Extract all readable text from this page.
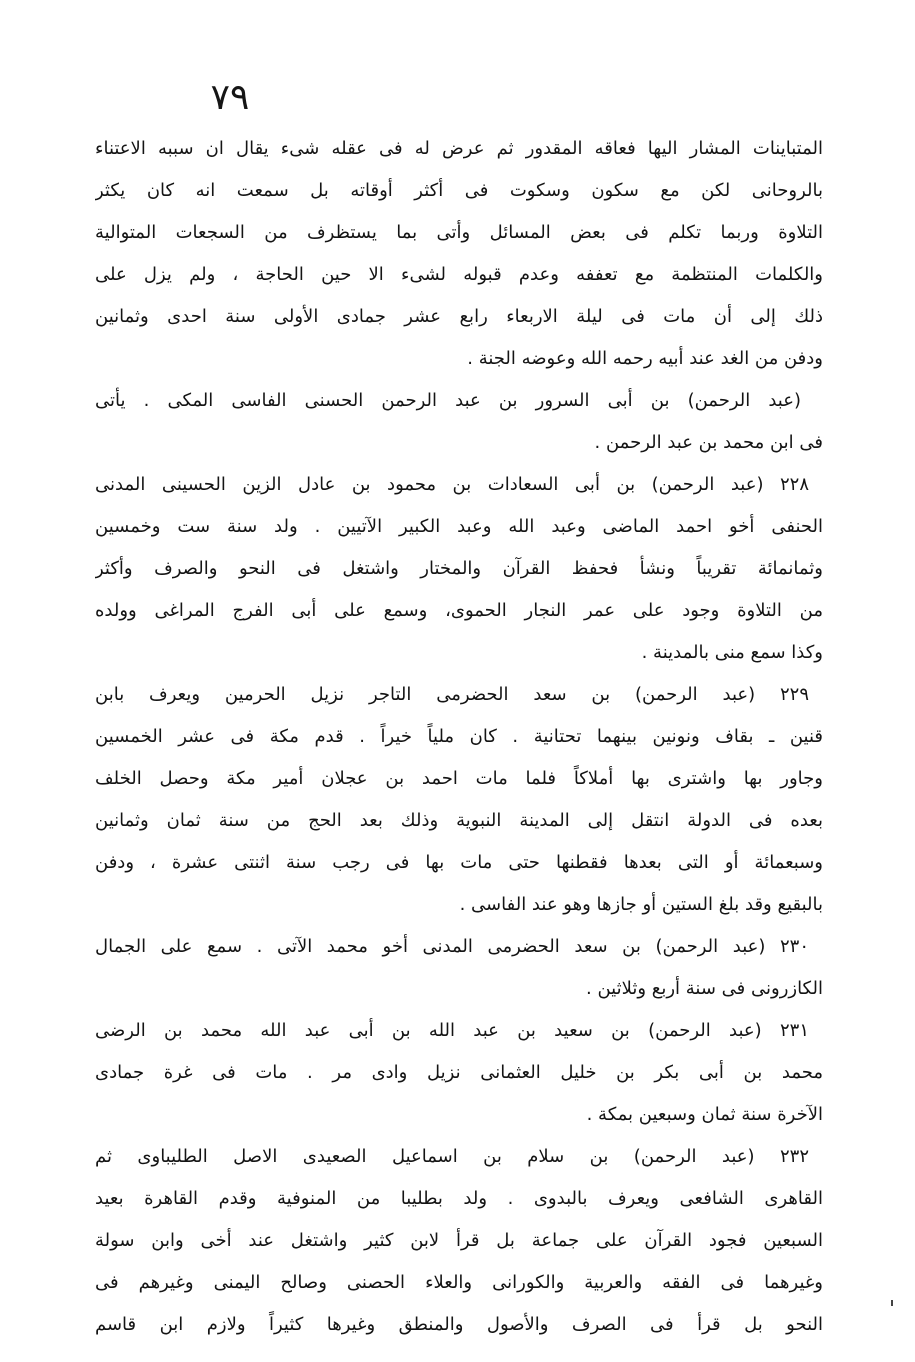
٧٩
المتباينات المشار اليها فعاقه المقدور ثم عرض له فى عقله شىء يقال ان سببه الاعتناء
بالروحانى لكن مع سكون وسكوت فى أكثر أوقاته بل سمعت انه كان يكثر
التلاوة وربما تكلم فى بعض المسائل وأتى بما يستظرف من السجعات المتوالية
والكلمات المنتظمة مع تعففه وعدم قبوله لشىء الا حين الحاجة ، ولم يزل على
ذلك إلى أن مات فى ليلة الاربعاء رابع عشر جمادى الأولى سنة احدى وثمانين
ودفن من الغد عند أبيه رحمه الله وعوضه الجنة .
(عبد الرحمن) بن أبى السرور بن عبد الرحمن الحسنى الفاسى المكى . يأتى
فى ابن محمد بن عبد الرحمن .
٢٢٨ (عبد الرحمن) بن أبى السعادات بن محمود بن عادل الزين الحسينى المدنى
الحنفى أخو احمد الماضى وعبد الله وعبد الكبير الآتيين . ولد سنة ست وخمسين
وثمانمائة تقريباً ونشأ فحفظ القرآن والمختار واشتغل فى النحو والصرف وأكثر
من التلاوة وجود على عمر النجار الحموى، وسمع على أبى الفرج المراغى وولده
وكذا سمع منى بالمدينة .
٢٢٩ (عبد الرحمن) بن سعد الحضرمى التاجر نزيل الحرمين ويعرف بابن
قنين ـ بقاف ونونين بينهما تحتانية . كان ملياً خيراً . قدم مكة فى عشر الخمسين
وجاور بها واشترى بها أملاكاً فلما مات احمد بن عجلان أمير مكة وحصل الخلف
بعده فى الدولة انتقل إلى المدينة النبوية وذلك بعد الحج من سنة ثمان وثمانين
وسبعمائة أو التى بعدها فقطنها حتى مات بها فى رجب سنة اثنتى عشرة ، ودفن
بالبقيع وقد بلغ الستين أو جازها وهو عند الفاسى .
٢٣٠ (عبد الرحمن) بن سعد الحضرمى المدنى أخو محمد الآتى . سمع على الجمال
الكازرونى فى سنة أربع وثلاثين .
٢٣١ (عبد الرحمن) بن سعيد بن عبد الله بن أبى عبد الله محمد بن الرضى
محمد بن أبى بكر بن خليل العثمانى نزيل وادى مر . مات فى غرة جمادى
الآخرة سنة ثمان وسبعين بمكة .
٢٣٢ (عبد الرحمن) بن سلام بن اسماعيل الصعيدى الاصل الطليباوى ثم
القاهرى الشافعى ويعرف بالبدوى . ولد بطليبا من المنوفية وقدم القاهرة بعيد
السبعين فجود القرآن على جماعة بل قرأ لابن كثير واشتغل عند أخى وابن سولة
وغيرهما فى الفقه والعربية والكورانى والعلاء الحصنى وصالح اليمنى وغيرهم فى
النحو بل قرأ فى الصرف والأصول والمنطق وغيرها كثيراً ولازم ابن قاسم
